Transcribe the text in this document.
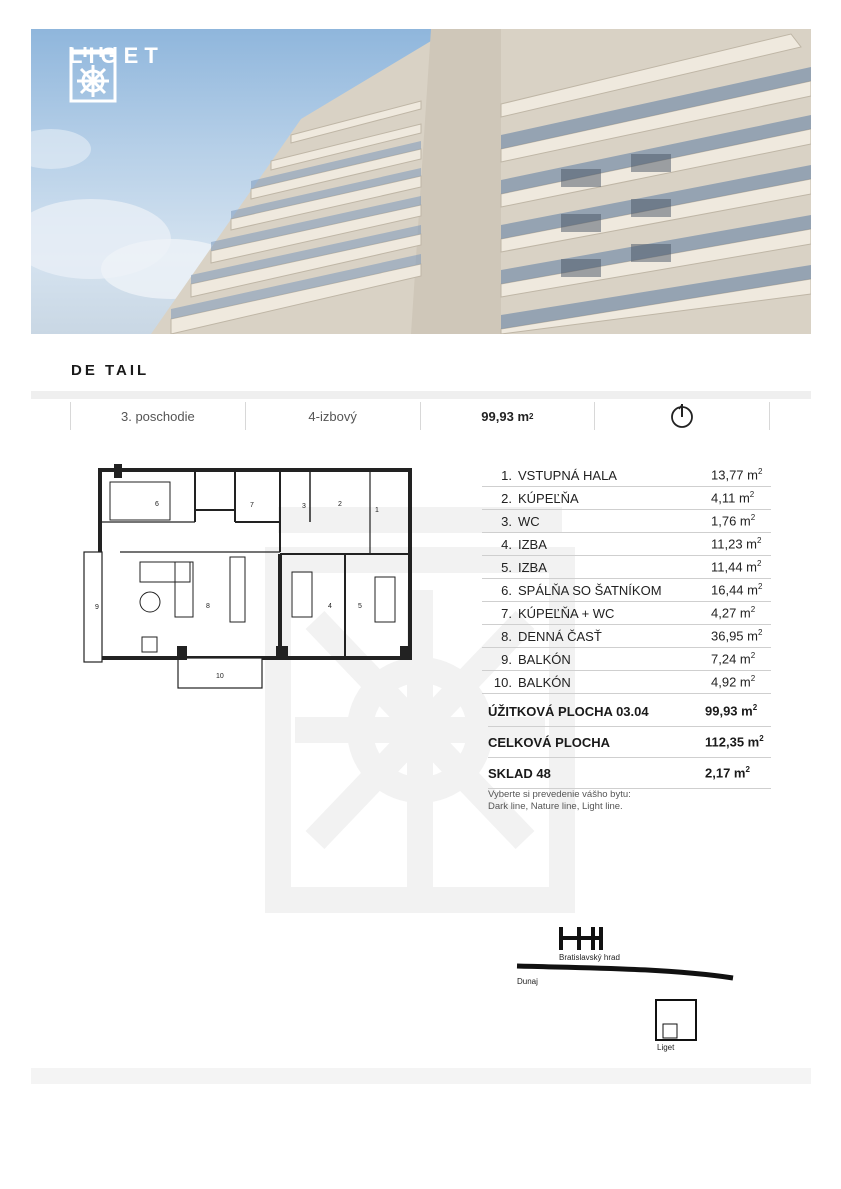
LIGET
DE TAIL
3. poschodie	4-izbový	99,93 m 2
1
2
3
4	5
6	7
8
9
10
1. VSTUPNÁ HALA	13,77 $m^2$
2. KÚPEĽŇA	4,11 $m^2$
3. WC	1,76 $m^2$
4. IZBA	11,23 $m^2$
5. IZBA	11,44 $m^2$
6. SPÁLŇA SO ŠATNÍKOM	16,44 $m^2$
7. KÚPEĽŇA + WC	4,27 $m^2$
8. DENNÁ ČASŤ	36,95 $m^2$
9. BALKÓN	7,24 $m^2$
10. BALKÓN	4,92 $m^2$
ÚŽITKOVÁ PLOCHA 03.04	99,93 $m^2$
CELKOVÁ PLOCHA	112,35 $m^2$
SKLAD 48	2,17 $m^2$
Vyberte si prevedenie vášho bytu:
Dark line, Nature line, Light line.
Bratislavský hrad
Dunaj
Liget
